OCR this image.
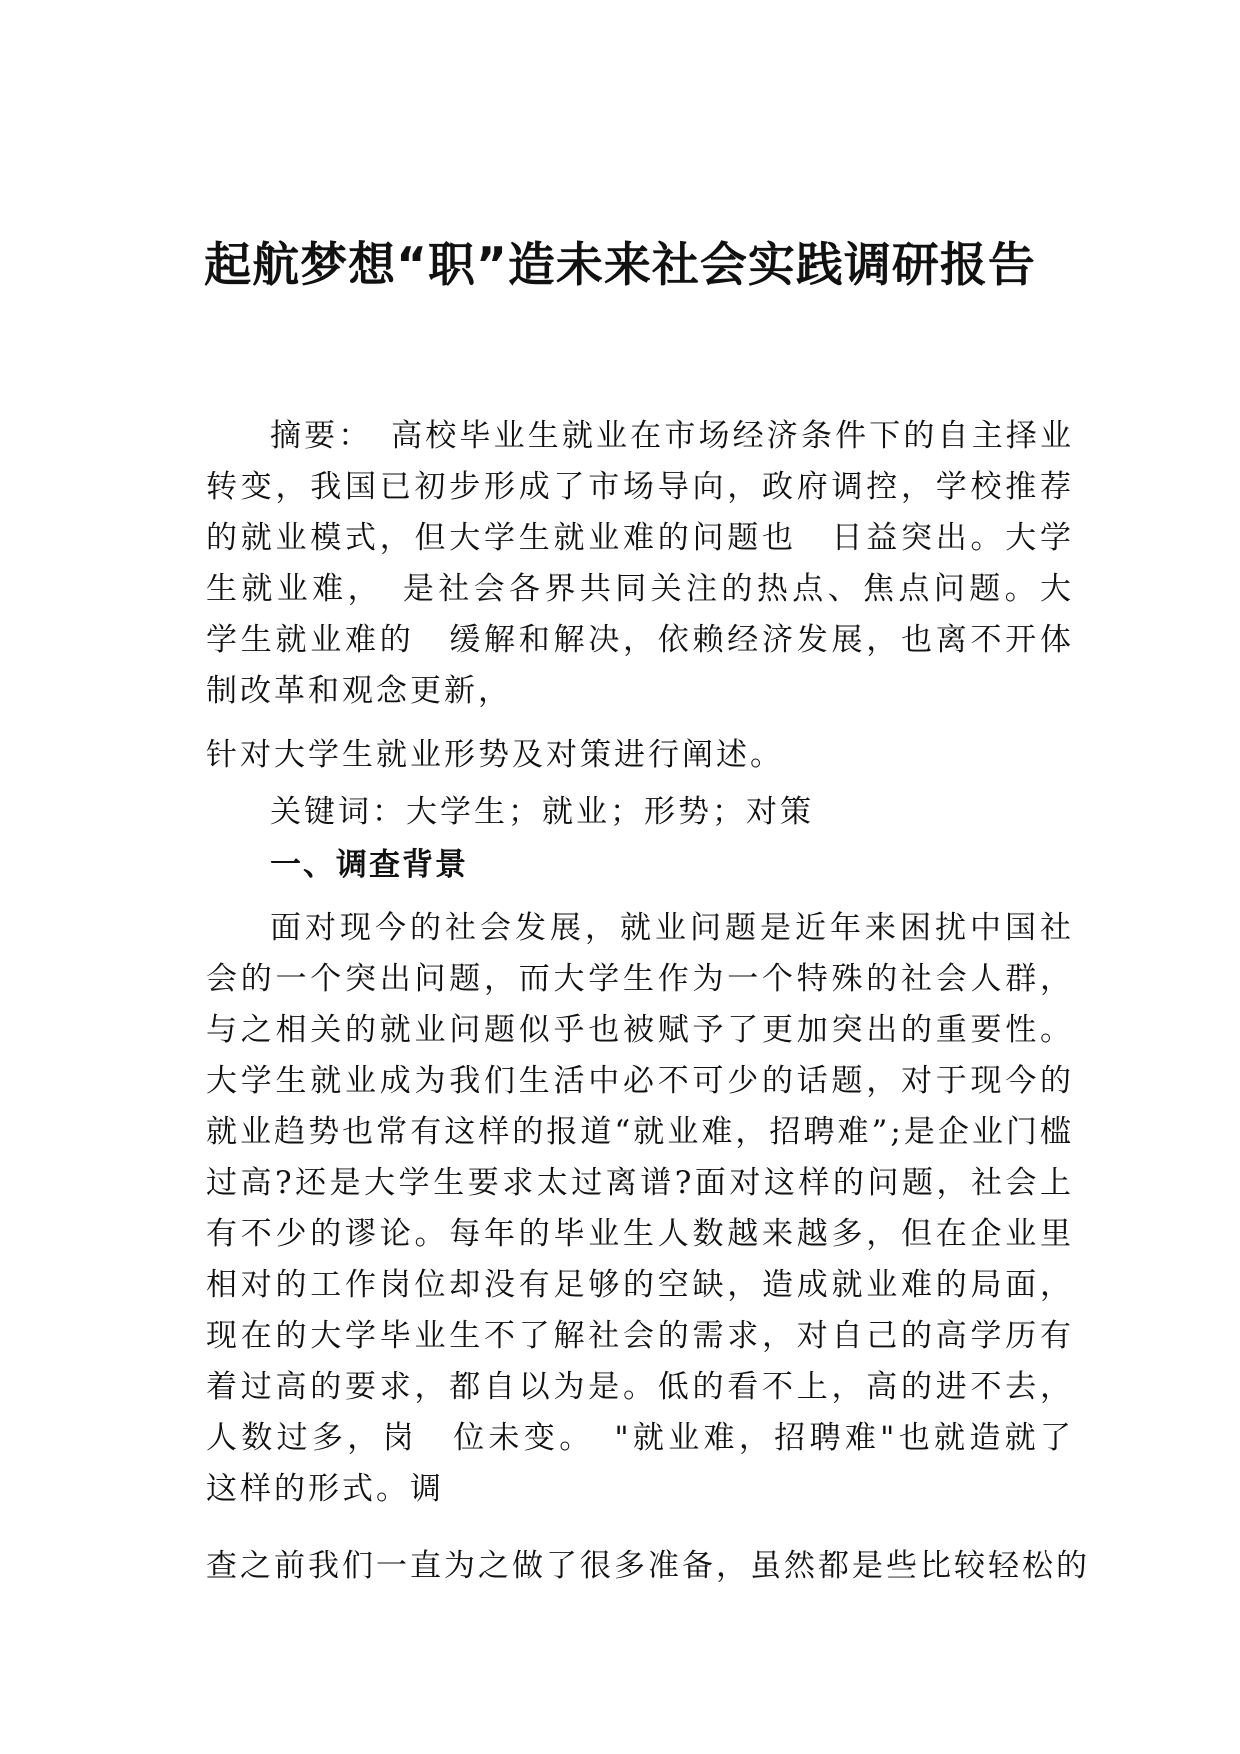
起航梦想“职”造未来社会实践调研报告

摘要：　高校毕业生就业在市场经济条件下的自主择业转变，我国已初步形成了市场导向，政府调控，学校推荐的就业模式，但大学生就业难的问题也　日益突出。大学生就业难，　是社会各界共同关注的热点、焦点问题。大学生就业难的　缓解和解决，依赖经济发展，也离不开体制改革和观念更新，

针对大学生就业形势及对策进行阐述。

关键词：大学生；就业；形势；对策

一、调查背景

面对现今的社会发展，就业问题是近年来困扰中国社会的一个突出问题，而大学生作为一个特殊的社会人群，与之相关的就业问题似乎也被赋予了更加突出的重要性。大学生就业成为我们生活中必不可少的话题，对于现今的就业趋势也常有这样的报道“就业难，招聘难”;是企业门槛过高?还是大学生要求太过离谱?面对这样的问题，社会上有不少的谬论。每年的毕业生人数越来越多，但在企业里相对的工作岗位却没有足够的空缺，造成就业难的局面，现在的大学毕业生不了解社会的需求，对自己的高学历有着过高的要求，都自以为是。低的看不上，高的进不去，人数过多，岗　位未变。　"就业难，招聘难"也就造就了这样的形式。调

查之前我们一直为之做了很多准备，虽然都是些比较轻松的
